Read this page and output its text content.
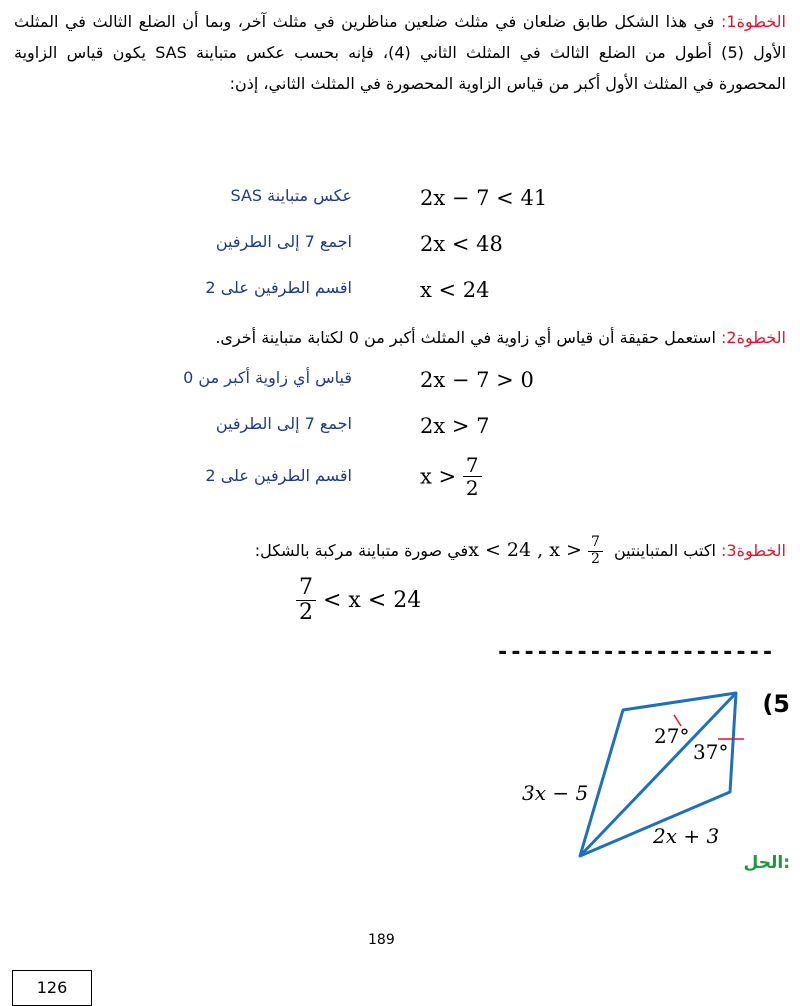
الخطوة1: في هذا الشكل طابق ضلعان في مثلث ضلعين مناظرين في مثلث آخر، وبما أن الضلع الثالث في المثلث الأول (5) أطول من الضلع الثالث في المثلث الثاني (4)، فإنه بحسب عكس متباينة SAS يكون قياس الزاوية المحصورة في المثلث الأول أكبر من قياس الزاوية المحصورة في المثلث الثاني، إذن:
2x − 7 < 41
عكس متباينة SAS
2x < 48
اجمع 7 إلى الطرفين
x < 24
اقسم الطرفين على 2
الخطوة2: استعمل حقيقة أن قياس أي زاوية في المثلث أكبر من 0 لكتابة متباينة أخرى.
2x − 7 > 0
قياس أي زاوية أكبر من 0
2x > 7
اجمع 7 إلى الطرفين
$x > \frac{7}{2}$
اقسم الطرفين على 2
الخطوة3: اكتب المتباينتين x < 24 , $x > \frac{7}{2}$
في صورة متباينة مركبة بالشكل:
$\frac{7}{2} < x < 24$
---------------------
(5
27°
37°
3x − 5
2x + 3
الحل:
189
126
